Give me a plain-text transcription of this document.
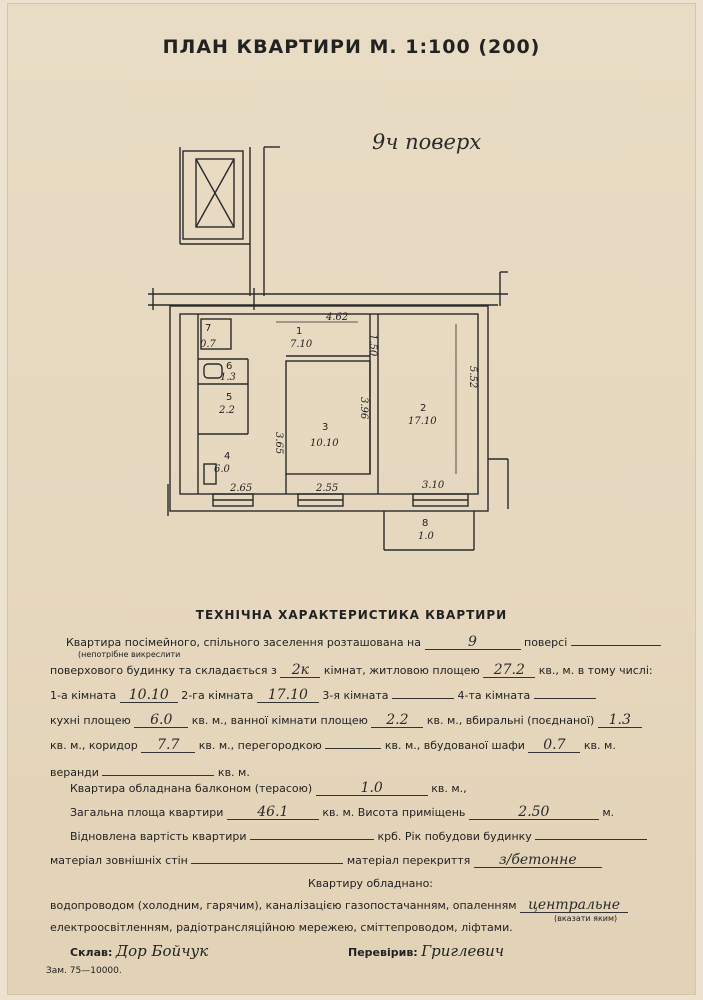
ПЛАН КВАРТИРИ М. 1:100 (200)
9ч поверх
1
7.10
2
17.10
3
10.10
4
6.0
5
2.2
6
1.3
7
0.7
8
1.0
4.62
1.50
5.52
3.96
3.65
2.65	2.55	3.10
ТЕХНІЧНА ХАРАКТЕРИСТИКА КВАРТИРИ
Квартира посімейного, спільного заселення розташована на	9	поверсі
(непотрібне викреслити
поверхового будинку та складається з 2к кімнат, житловою площею 27.2 кв., м. в тому числі:
1-а кімната 10.10 2-га кімната 17.10 3-я кімната	4-та кімната
кухні площею 6.0 кв. м., ванної кімнати площею 2.2 кв. м., вбиральні (поєднаної) 1.3
кв. м., коридор 7.7 кв. м., перегородкою	кв. м., вбудованої шафи 0.7 кв. м.
веранди	кв. м.
Квартира обладнана балконом (терасою)	1.0	кв. м.,
Загальна площа квартири 46.1	кв. м. Висота приміщень	2.50	м.
Відновлена вартість квартири	крб. Рік побудови будинку
матеріал зовнішніх стін	матеріал перекриття з/бетонне
Квартиру обладнано:
водопроводом (холодним, гарячим), каналізацією газопостачанням, опаленням центральне
(вказати яким)
електроосвітленням, радіотрансляційною мережею, сміттепроводом, ліфтами.
Склав: Дор Бойчук	Перевірив: Григлевич
Зам. 75—10000.
